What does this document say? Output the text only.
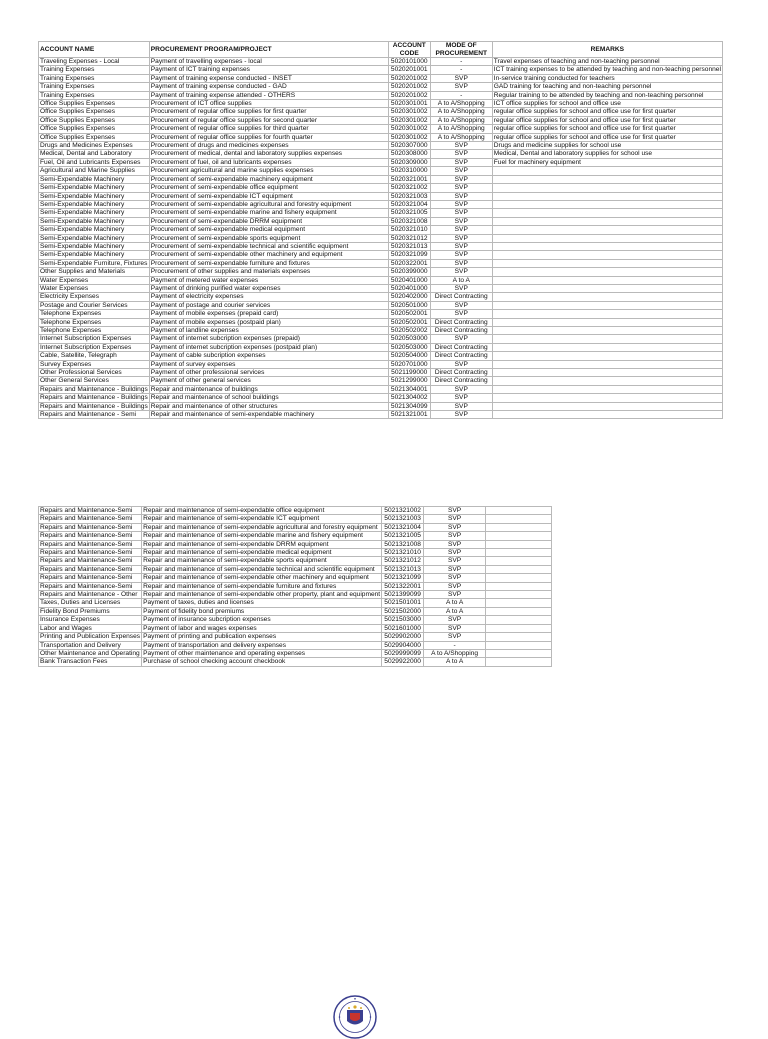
ACCOUNT NAME	PROCUREMENT PROGRAM/PROJECT	ACCOUNT CODE	MODE OF PROCUREMENT	REMARKS
Traveling Expenses - Local	Payment of travelling expenses - local	5020101000	-	Travel expenses of teaching and non-teaching personnel
Training Expenses	Payment of ICT training expenses	5020201001	-	ICT training expenses to be attended by teaching and non-teaching personnel
Training Expenses	Payment of training expense conducted - INSET	5020201002	SVP	In-service training conducted for teachers
Training Expenses	Payment of training expense conducted - GAD	5020201002	SVP	GAD training for teaching and non-teaching personnel
Training Expenses	Payment of training expense attended - OTHERS	5020201002	-	Regular training to be attended by teaching and non-teaching personnel
Office Supplies Expenses	Procurement of ICT office supplies	5020301001	A to A/Shopping	ICT office supplies for school and office use
Office Supplies Expenses	Procurement of regular office supplies for first quarter	5020301002	A to A/Shopping	regular office supplies for school and office use for first quarter
Office Supplies Expenses	Procurement of regular office supplies for second quarter	5020301002	A to A/Shopping	regular office supplies for school and office use for first quarter
Office Supplies Expenses	Procurement of regular office supplies for third quarter	5020301002	A to A/Shopping	regular office supplies for school and office use for first quarter
Office Supplies Expenses	Procurement of regular office supplies for fourth quarter	5020301002	A to A/Shopping	regular office supplies for school and office use for first quarter
Drugs and Medicines Expenses	Procurement of drugs and medicines expenses	5020307000	SVP	Drugs and medicine supplies for school use
Medical, Dental and Laboratory	Procurement of medical, dental and laboratory supplies expenses	5020308000	SVP	Medical, Dental and laboratory supplies for school use
Fuel, Oil and Lubricants Expenses	Procurement of fuel, oil and lubricants expenses	5020309000	SVP	Fuel for machinery equipment
Agricultural and Marine Supplies	Procurement agricultural and marine supplies expenses	5020310000	SVP	
Semi-Expendable Machinery	Procurement of semi-expendable machinery equipment	5020321001	SVP	
Semi-Expendable Machinery	Procurement of semi-expendable office equipment	5020321002	SVP	
Semi-Expendable Machinery	Procurement of semi-expendable ICT equipment	5020321003	SVP	
Semi-Expendable Machinery	Procurement of semi-expendable agricultural and forestry equipment	5020321004	SVP	
Semi-Expendable Machinery	Procurement of semi-expendable marine and fishery equipment	5020321005	SVP	
Semi-Expendable Machinery	Procurement of semi-expendable DRRM equipment	5020321008	SVP	
Semi-Expendable Machinery	Procurement of semi-expendable medical equipment	5020321010	SVP	
Semi-Expendable Machinery	Procurement of semi-expendable sports equipment	5020321012	SVP	
Semi-Expendable Machinery	Procurement of semi-expendable technical and scientific equipment	5020321013	SVP	
Semi-Expendable Machinery	Procurement of semi-expendable other machinery and equipment	5020321099	SVP	
Semi-Expendable Furniture, Fixtures	Procurement of semi-expendable furniture and fixtures	5020322001	SVP	
Other Supplies and Materials	Procurement of other supplies and materials expenses	5020399000	SVP	
Water Expenses	Payment of metered water expenses	5020401000	A to A	
Water Expenses	Payment of drinking purified water expenses	5020401000	SVP	
Electricity Expenses	Payment of electricity expenses	5020402000	Direct Contracting	
Postage and Courier Services	Payment of postage and courier services	5020501000	SVP	
Telephone Expenses	Payment of mobile expenses (prepaid card)	5020502001	SVP	
Telephone Expenses	Payment of mobile expenses (postpaid plan)	5020502001	Direct Contracting	
Telephone Expenses	Payment of landline expenses	5020502002	Direct Contracting	
Internet Subscription Expenses	Payment of internet subcription expenses (prepaid)	5020503000	SVP	
Internet Subscription Expenses	Payment of internet subcription expenses (postpaid plan)	5020503000	Direct Contracting	
Cable, Satellite, Telegraph	Payment of cable subcription expenses	5020504000	Direct Contracting	
Survey Expenses	Payment of survey expenses	5020701000	SVP	
Other Professional Services	Payment of other professional services	5021199000	Direct Contracting	
Other General Services	Payment of other general services	5021299000	Direct Contracting	
Repairs and Maintenance - Buildings	Repair and maintenance of buildings	5021304001	SVP	
Repairs and Maintenance - Buildings	Repair and maintenance of school buildings	5021304002	SVP	
Repairs and Maintenance - Buildings	Repair and maintenance of other structures	5021304099	SVP	
Repairs and Maintenance - Semi	Repair and maintenance of semi-expendable machinery	5021321001	SVP	
Repairs and Maintenance-Semi	Repair and maintenance of semi-expendable office equipment	5021321002	SVP	
Repairs and Maintenance-Semi	Repair and maintenance of semi-expendable ICT equipment	5021321003	SVP	
Repairs and Maintenance-Semi	Repair and maintenance of semi-expendable agricultural and forestry equipment	5021321004	SVP	
Repairs and Maintenance-Semi	Repair and maintenance of semi-expendable marine and fishery equipment	5021321005	SVP	
Repairs and Maintenance-Semi	Repair and maintenance of semi-expendable DRRM equipment	5021321008	SVP	
Repairs and Maintenance-Semi	Repair and maintenance of semi-expendable medical equipment	5021321010	SVP	
Repairs and Maintenance-Semi	Repair and maintenance of semi-expendable sports equipment	5021321012	SVP	
Repairs and Maintenance-Semi	Repair and maintenance of semi-expendable technical and scientific equipment	5021321013	SVP	
Repairs and Maintenance-Semi	Repair and maintenance of semi-expendable other machinery and equipment	5021321099	SVP	
Repairs and Maintenance-Semi	Repair and maintenance of semi-expendable furniture and fixtures	5021322001	SVP	
Repairs and Maintenance - Other	Repair and maintenance of semi-expendable other property, plant and equipment	5021399099	SVP	
Taxes, Duties and Licenses	Payment of taxes, duties and licenses	5021501001	A to A	
Fidelity Bond Premiums	Payment of fidelity bond premiums	5021502000	A to A	
Insurance Expenses	Payment of insurance subcription expenses	5021503000	SVP	
Labor and Wages	Payment of labor and wages expenses	5021601000	SVP	
Printing and Publication Expenses	Payment of printing and publication expenses	5029902000	SVP	
Transportation and Delivery	Payment of transportation and delivery expenses	5029904000	-	
Other Maintenance and Operating	Payment of other maintenance and operating expenses	5029999099	A to A/Shopping	
Bank Transaction Fees	Purchase of school checking account checkbook	5029922000	A to A	
